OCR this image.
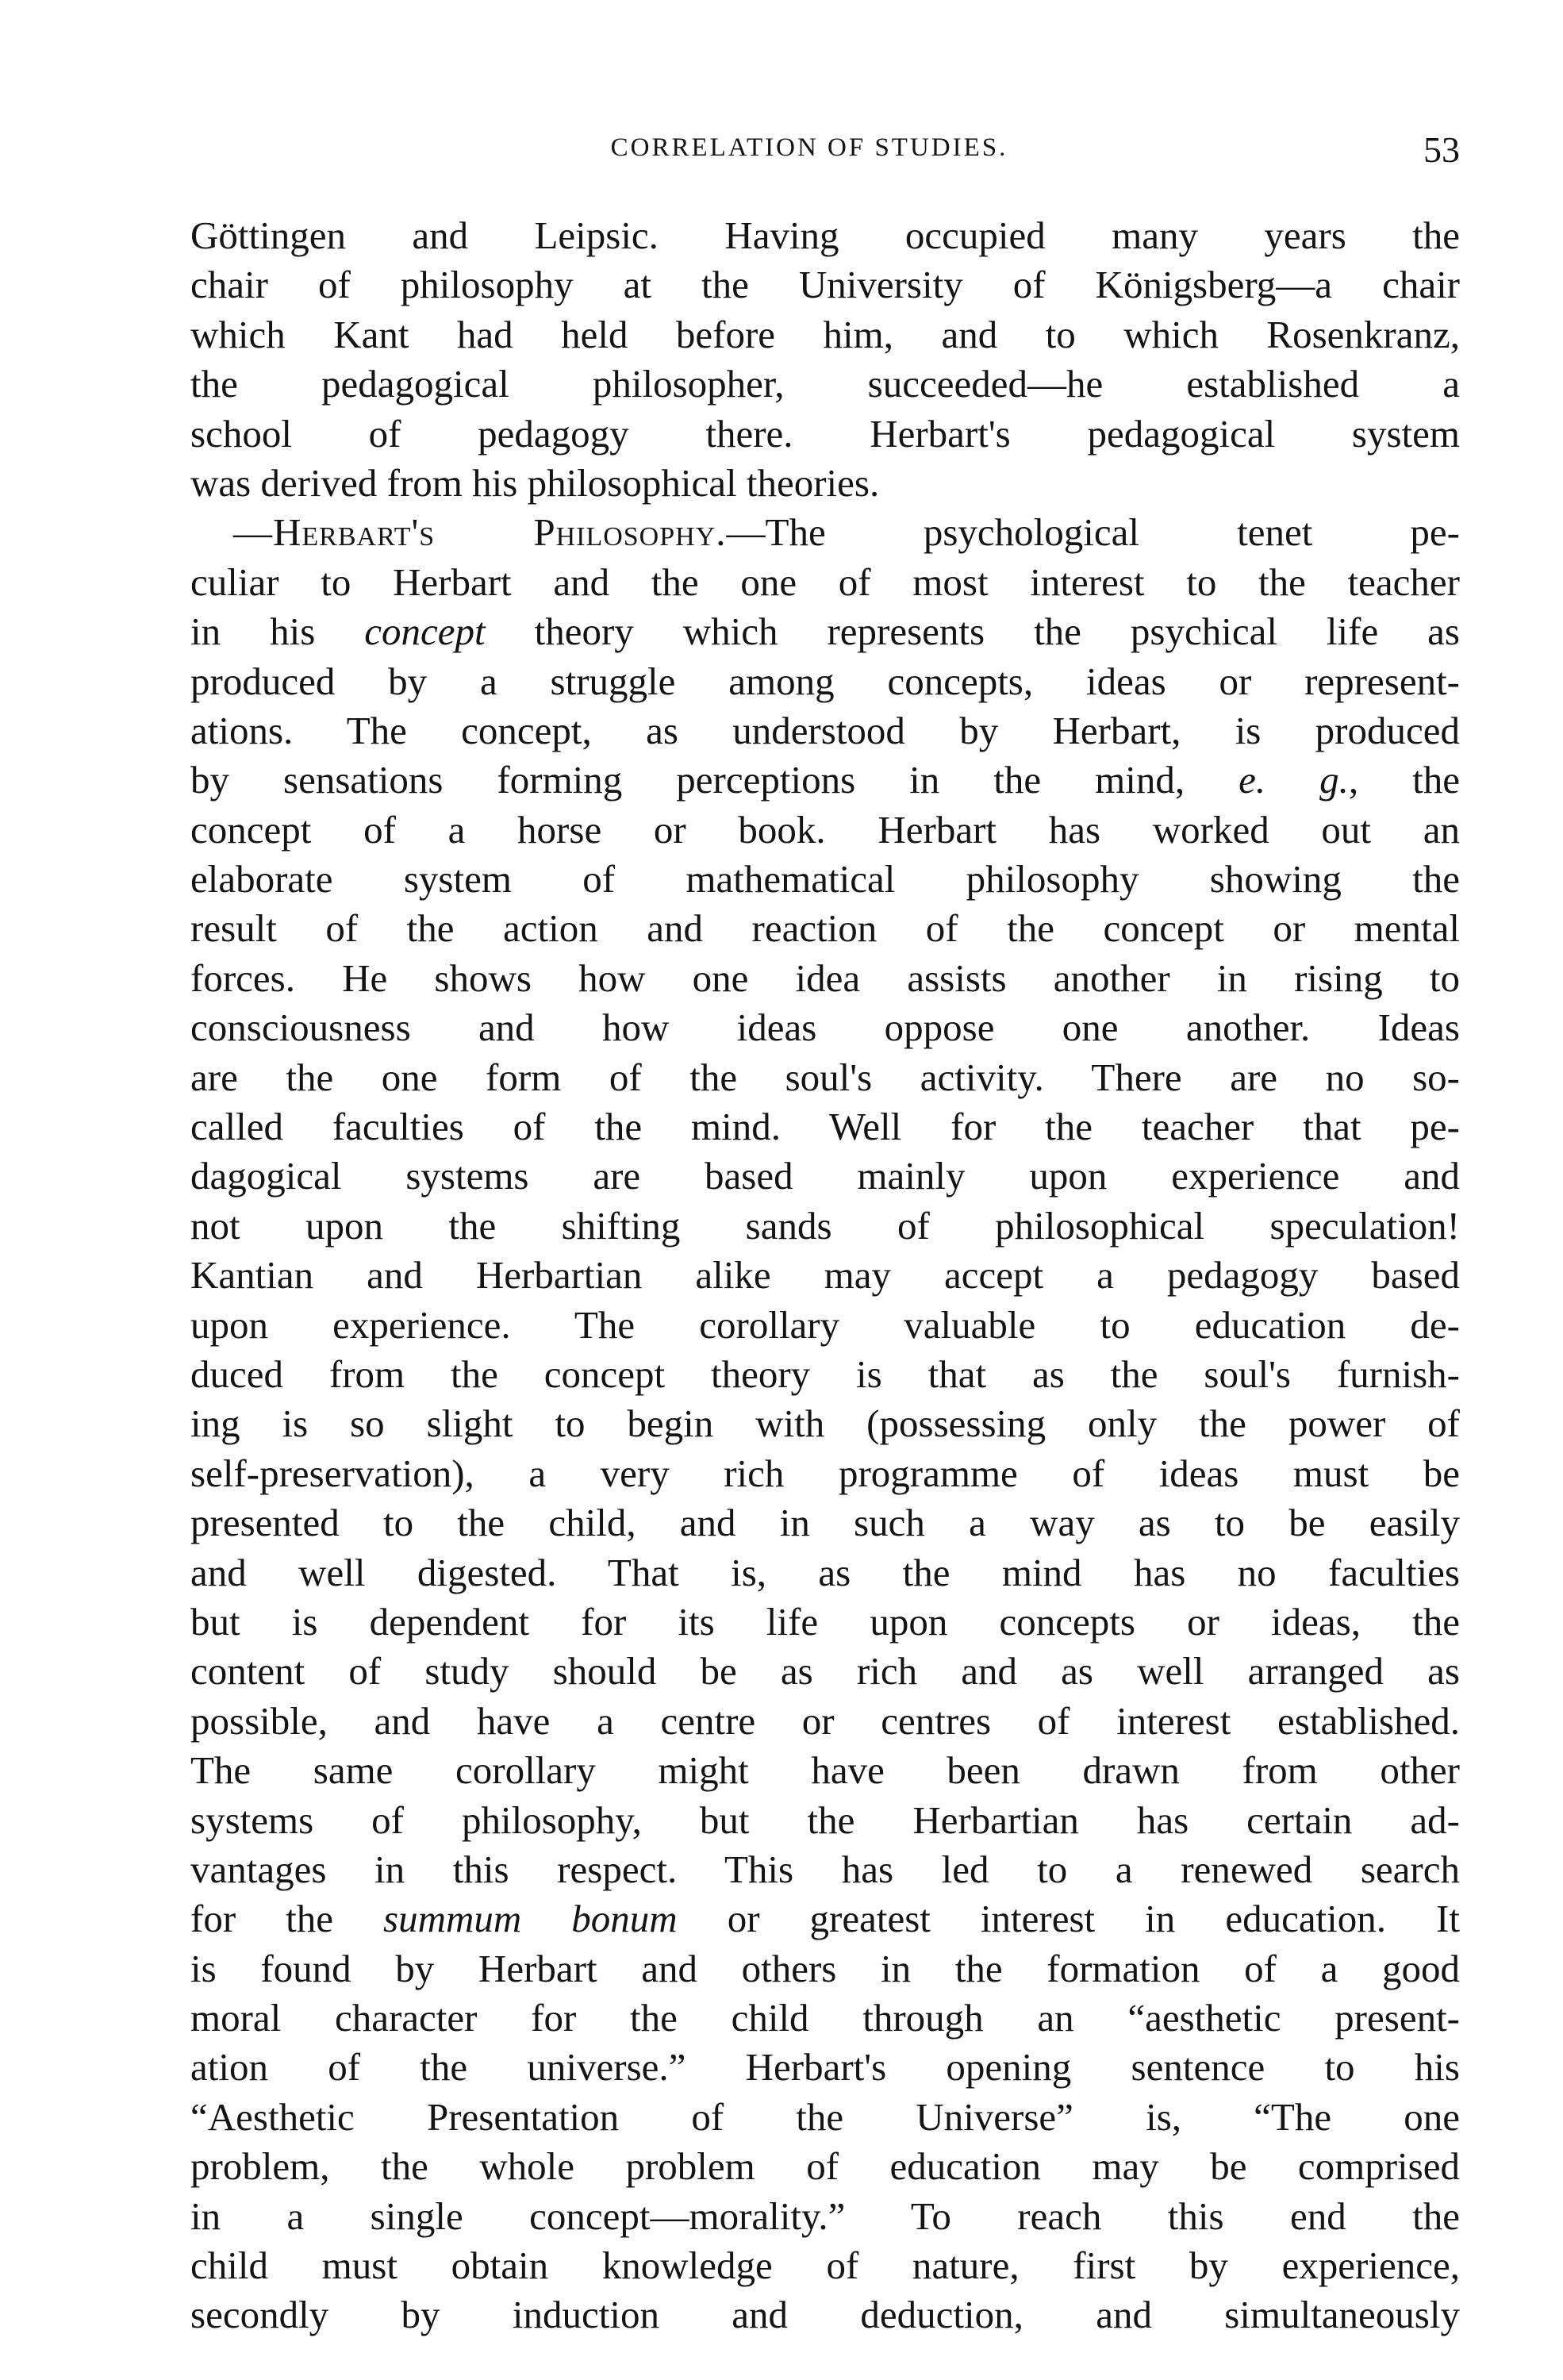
CORRELATION OF STUDIES.	53
Göttingen and Leipsic. Having occupied many years the
chair of philosophy at the University of Königsberg—a chair
which Kant had held before him, and to which Rosenkranz,
the pedagogical philosopher, succeeded—he established a
school of pedagogy there. Herbart's pedagogical system
was derived from his philosophical theories.
—Herbart's Philosophy.—The psychological tenet pe-
culiar to Herbart and the one of most interest to the teacher
in his concept theory which represents the psychical life as
produced by a struggle among concepts, ideas or represent-
ations. The concept, as understood by Herbart, is produced
by sensations forming perceptions in the mind, e. g., the
concept of a horse or book. Herbart has worked out an
elaborate system of mathematical philosophy showing the
result of the action and reaction of the concept or mental
forces. He shows how one idea assists another in rising to
consciousness and how ideas oppose one another. Ideas
are the one form of the soul's activity. There are no so-
called faculties of the mind. Well for the teacher that pe-
dagogical systems are based mainly upon experience and
not upon the shifting sands of philosophical speculation!
Kantian and Herbartian alike may accept a pedagogy based
upon experience. The corollary valuable to education de-
duced from the concept theory is that as the soul's furnish-
ing is so slight to begin with (possessing only the power of
self-preservation), a very rich programme of ideas must be
presented to the child, and in such a way as to be easily
and well digested. That is, as the mind has no faculties
but is dependent for its life upon concepts or ideas, the
content of study should be as rich and as well arranged as
possible, and have a centre or centres of interest established.
The same corollary might have been drawn from other
systems of philosophy, but the Herbartian has certain ad-
vantages in this respect. This has led to a renewed search
for the summum bonum or greatest interest in education. It
is found by Herbart and others in the formation of a good
moral character for the child through an “aesthetic present-
ation of the universe.” Herbart's opening sentence to his
“Aesthetic Presentation of the Universe” is, “The one
problem, the whole problem of education may be comprised
in a single concept—morality.” To reach this end the
child must obtain knowledge of nature, first by experience,
secondly by induction and deduction, and simultaneously
